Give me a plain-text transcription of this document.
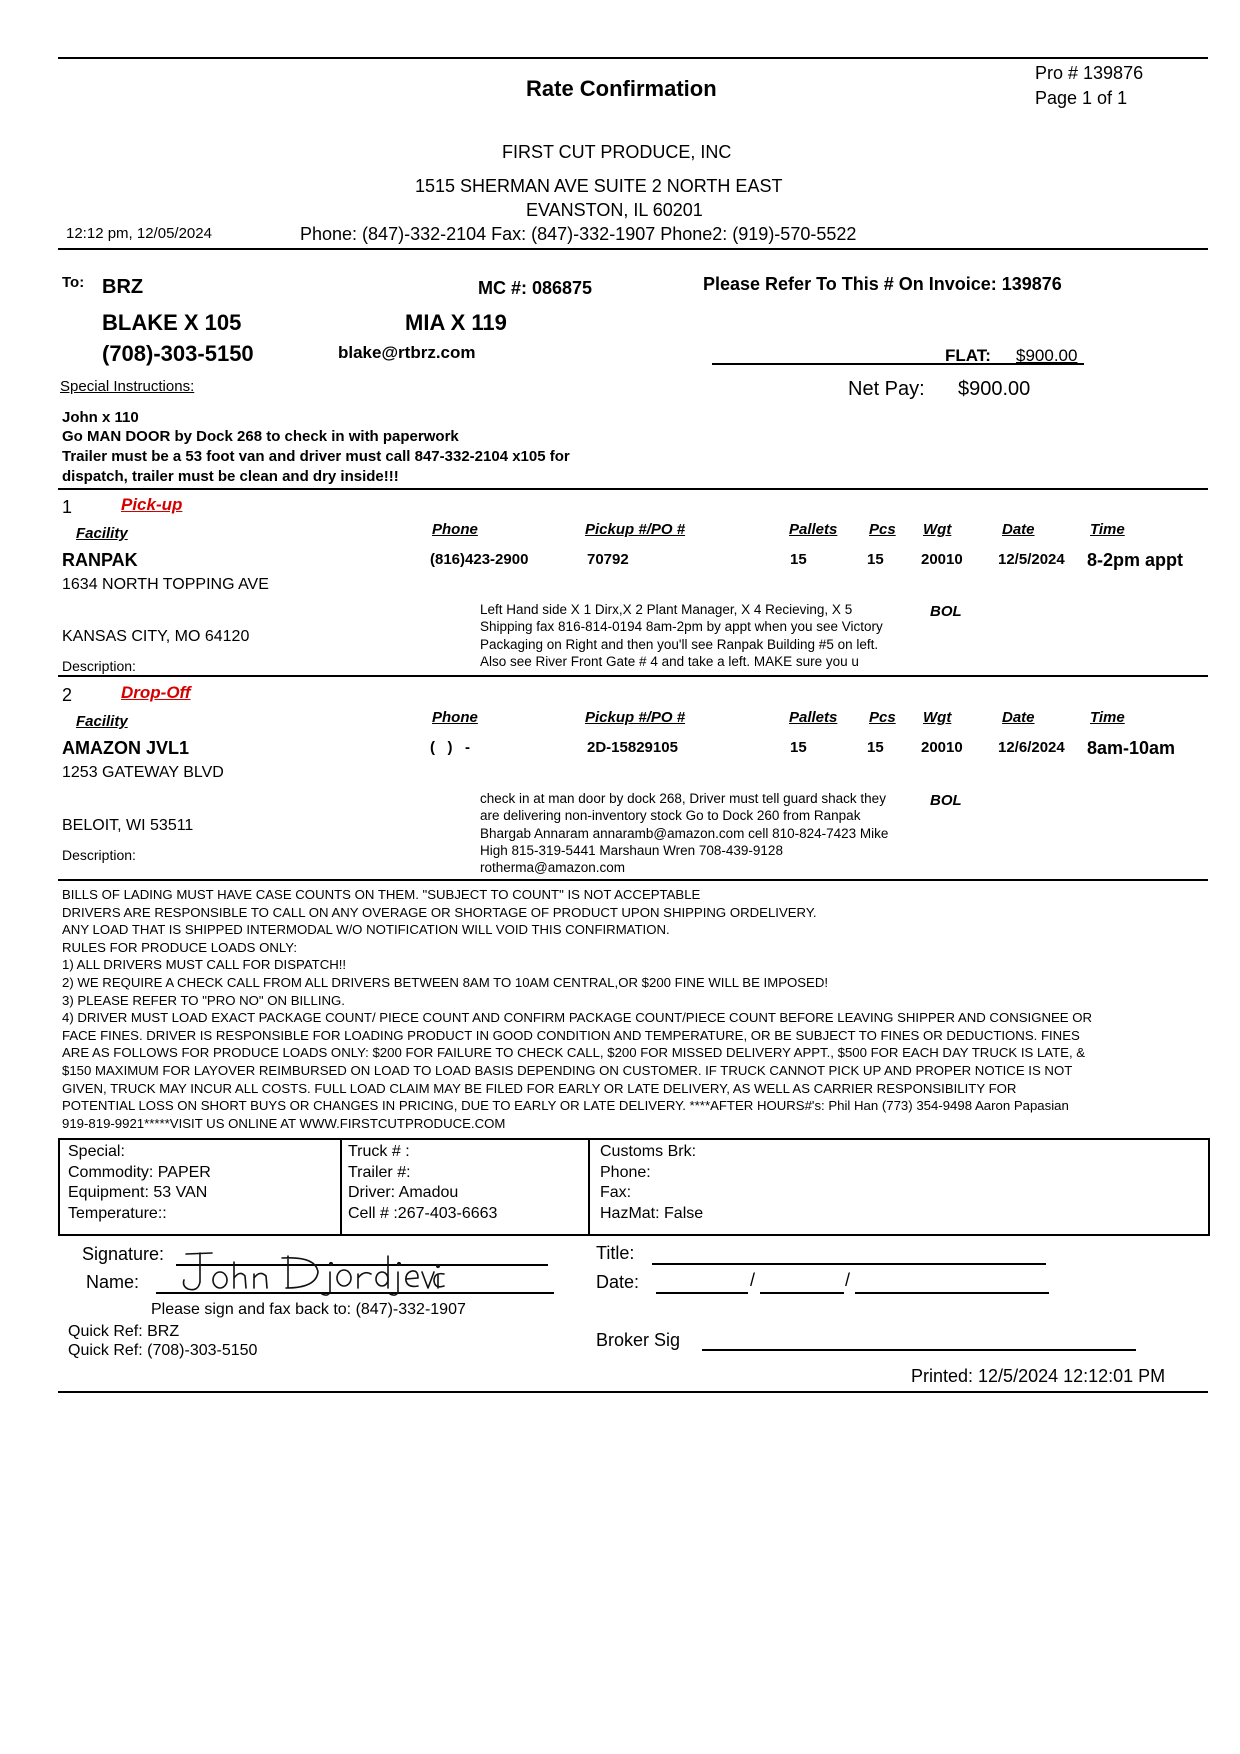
Rate Confirmation
Pro # 139876
Page 1 of 1
FIRST CUT PRODUCE, INC
1515 SHERMAN AVE SUITE 2 NORTH EAST
EVANSTON, IL 60201
12:12 pm, 12/05/2024	Phone: (847)-332-2104 Fax: (847)-332-1907 Phone2: (919)-570-5522
To: BRZ	MC #: 086875	Please Refer To This # On Invoice: 139876
BLAKE X 105	MIA X 119
(708)-303-5150	blake@rtbrz.com	FLAT: $900.00
Special Instructions:	Net Pay: $900.00
John x 110
Go MAN DOOR by Dock 268 to check in with paperwork
Trailer must be a 53 foot van and driver must call 847-332-2104 x105 for
dispatch, trailer must be clean and dry inside!!!
1	Pick-up
Facility	Phone	Pickup #/PO #	Pallets Pcs Wgt	Date	Time
RANPAK	(816)423-2900	70792	15	15 20010 12/5/2024 8-2pm appt
1634 NORTH TOPPING AVE
Left Hand side X 1 Dirx,X 2 Plant Manager, X 4 Recieving, X 5
Shipping fax 816-814-0194 8am-2pm by appt when you see Victory
Packaging on Right and then you'll see Ranpak Building #5 on left.
Also see River Front Gate # 4 and take a left. MAKE sure you u
BOL
KANSAS CITY, MO 64120
Description:
2	Drop-Off
Facility	Phone	Pickup #/PO #	Pallets Pcs Wgt	Date	Time
AMAZON JVL1	(   )   -	2D-15829105	15	15 20010 12/6/2024 8am-10am
1253 GATEWAY BLVD
check in at man door by dock 268, Driver must tell guard shack they
are delivering non-inventory stock Go to Dock 260 from Ranpak
Bhargab Annaram annaramb@amazon.com cell 810-824-7423 Mike
High 815-319-5441 Marshaun Wren 708-439-9128
rotherma@amazon.com
BOL
BELOIT, WI 53511
Description:
BILLS OF LADING MUST HAVE CASE COUNTS ON THEM. "SUBJECT TO COUNT" IS NOT ACCEPTABLE
DRIVERS ARE RESPONSIBLE TO CALL ON ANY OVERAGE OR SHORTAGE OF PRODUCT UPON SHIPPING ORDELIVERY.
ANY LOAD THAT IS SHIPPED INTERMODAL W/O NOTIFICATION WILL VOID THIS CONFIRMATION.
RULES FOR PRODUCE LOADS ONLY:
1) ALL DRIVERS MUST CALL FOR DISPATCH!!
2) WE REQUIRE A CHECK CALL FROM ALL DRIVERS BETWEEN 8AM TO 10AM CENTRAL,OR $200 FINE WILL BE IMPOSED!
3) PLEASE REFER TO "PRO NO" ON BILLING.
4) DRIVER MUST LOAD EXACT PACKAGE COUNT/ PIECE COUNT AND CONFIRM PACKAGE COUNT/PIECE COUNT BEFORE LEAVING SHIPPER AND CONSIGNEE OR
FACE FINES. DRIVER IS RESPONSIBLE FOR LOADING PRODUCT IN GOOD CONDITION AND TEMPERATURE, OR BE SUBJECT TO FINES OR DEDUCTIONS. FINES
ARE AS FOLLOWS FOR PRODUCE LOADS ONLY: $200 FOR FAILURE TO CHECK CALL, $200 FOR MISSED DELIVERY APPT., $500 FOR EACH DAY TRUCK IS LATE, &
$150 MAXIMUM FOR LAYOVER REIMBURSED ON LOAD TO LOAD BASIS DEPENDING ON CUSTOMER. IF TRUCK CANNOT PICK UP AND PROPER NOTICE IS NOT
GIVEN, TRUCK MAY INCUR ALL COSTS. FULL LOAD CLAIM MAY BE FILED FOR EARLY OR LATE DELIVERY, AS WELL AS CARRIER RESPONSIBILITY FOR
POTENTIAL LOSS ON SHORT BUYS OR CHANGES IN PRICING, DUE TO EARLY OR LATE DELIVERY. ****AFTER HOURS#'s: Phil Han (773) 354-9498 Aaron Papasian
919-819-9921*****VISIT US ONLINE AT WWW.FIRSTCUTPRODUCE.COM
Special:
Commodity: PAPER
Equipment: 53 VAN
Temperature::
Truck # :
Trailer #:
Driver: Amadou
Cell # :267-403-6663
Customs Brk:
Phone:
Fax:
HazMat: False
Signature:
Name:
Title:
Date:	/	/
Please sign and fax back to: (847)-332-1907
Quick Ref: BRZ
Quick Ref: (708)-303-5150
Broker Sig
Printed: 12/5/2024 12:12:01 PM
